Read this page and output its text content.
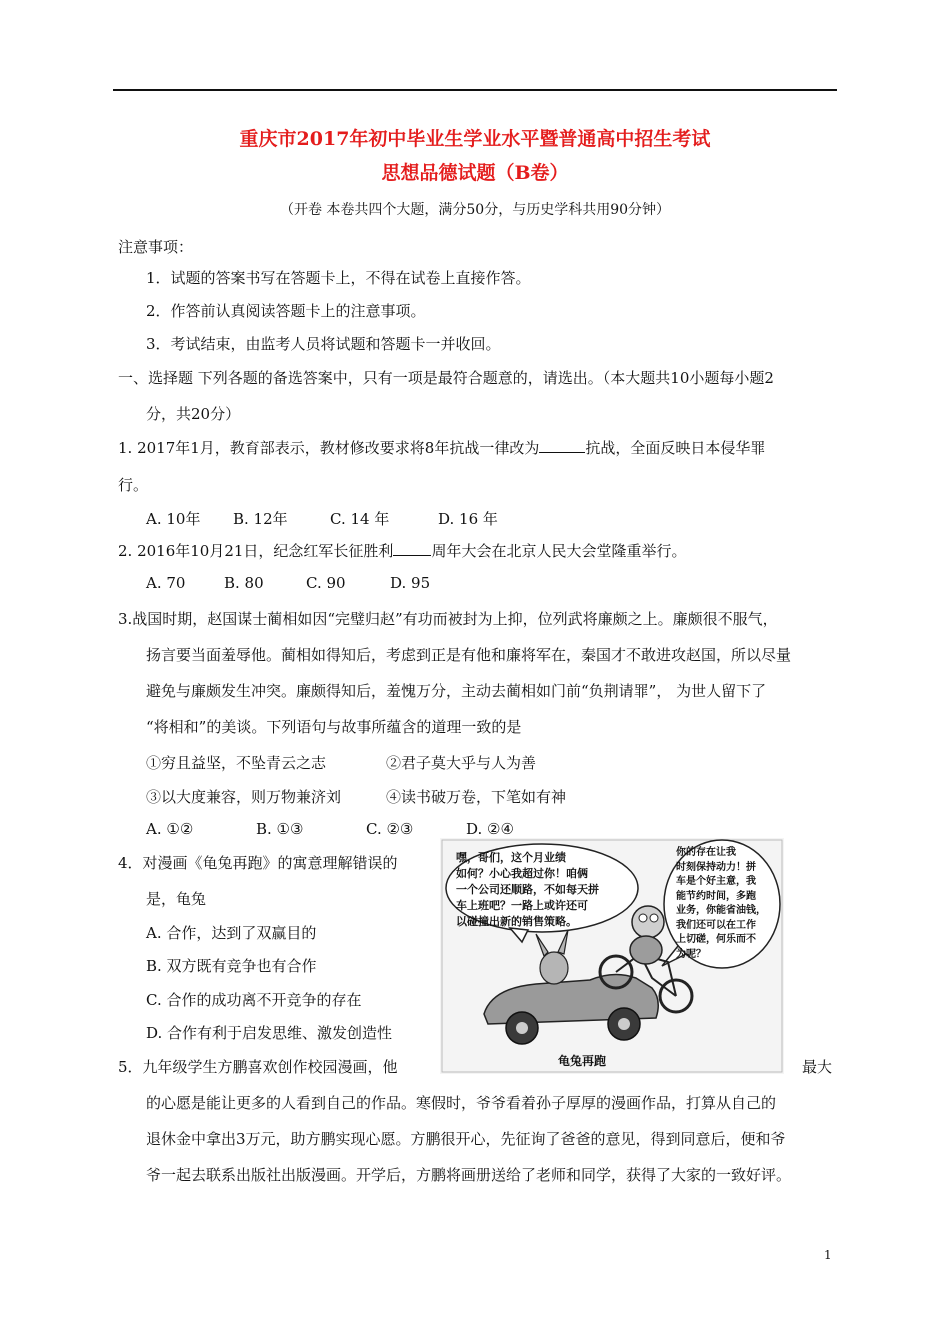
重庆市2017年初中毕业生学业水平暨普通高中招生考试
思想品德试题（B卷）
（开卷 本卷共四个大题，满分50分，与历史学科共用90分钟）
注意事项：
1．试题的答案书写在答题卡上，不得在试卷上直接作答。
2．作答前认真阅读答题卡上的注意事项。
3．考试结束，由监考人员将试题和答题卡一并收回。
一、选择题 下列各题的备选答案中，只有一项是最符合题意的，请选出。（本大题共10小题每小题2
分，共20分）
1. 2017年1月，教育部表示，教材修改要求将8年抗战一律改为	抗战，全面反映日本侵华罪
行。
A. 10年 B. 12年	C. 14 年	D. 16 年
2. 2016年10月21日，纪念红军长征胜利	周年大会在北京人民大会堂隆重举行。
A. 70	B. 80	C. 90	D. 95
3.战国时期，赵国谋士蔺相如因“完璧归赵”有功而被封为上抑，位列武将廉颇之上。廉颇很不服气，
扬言要当面羞辱他。蔺相如得知后，考虑到正是有他和廉将军在，秦国才不敢进攻赵国，所以尽量
避免与廉颇发生冲突。廉颇得知后，羞愧万分，主动去蔺相如门前“负荆请罪”， 为世人留下了
“将相和”的美谈。下列语句与故事所蕴含的道理一致的是
①穷且益坚，不坠青云之志	②君子莫大乎与人为善
③以大度兼容，则万物兼济刘	④读书破万卷，下笔如有神
A. ①②	B. ①③	C. ②③	D. ②④
4．对漫画《龟兔再跑》的寓意理解错误的
是，龟兔
A. 合作，达到了双赢目的
B. 双方既有竞争也有合作
C. 合作的成功离不开竞争的存在
D. 合作有利于启发思维、激发创造性
嘿，哥们，这个月业绩
如何？小心我超过你！咱俩
一个公司还顺路，不如每天拼
车上班吧？一路上或许还可
以碰撞出新的销售策略。
你的存在让我
时刻保持动力！拼
车是个好主意，我
能节约时间，多跑
业务，你能省油钱，
我们还可以在工作
上切磋，何乐而不
为呢？
龟兔再跑
5．九年级学生方鹏喜欢创作校园漫画，他	最大
的心愿是能让更多的人看到自己的作品。寒假时，爷爷看着孙子厚厚的漫画作品，打算从自己的
退休金中拿出3万元，助方鹏实现心愿。方鹏很开心，先征询了爸爸的意见，得到同意后，便和爷
爷一起去联系出版社出版漫画。开学后，方鹏将画册送给了老师和同学，获得了大家的一致好评。
1
